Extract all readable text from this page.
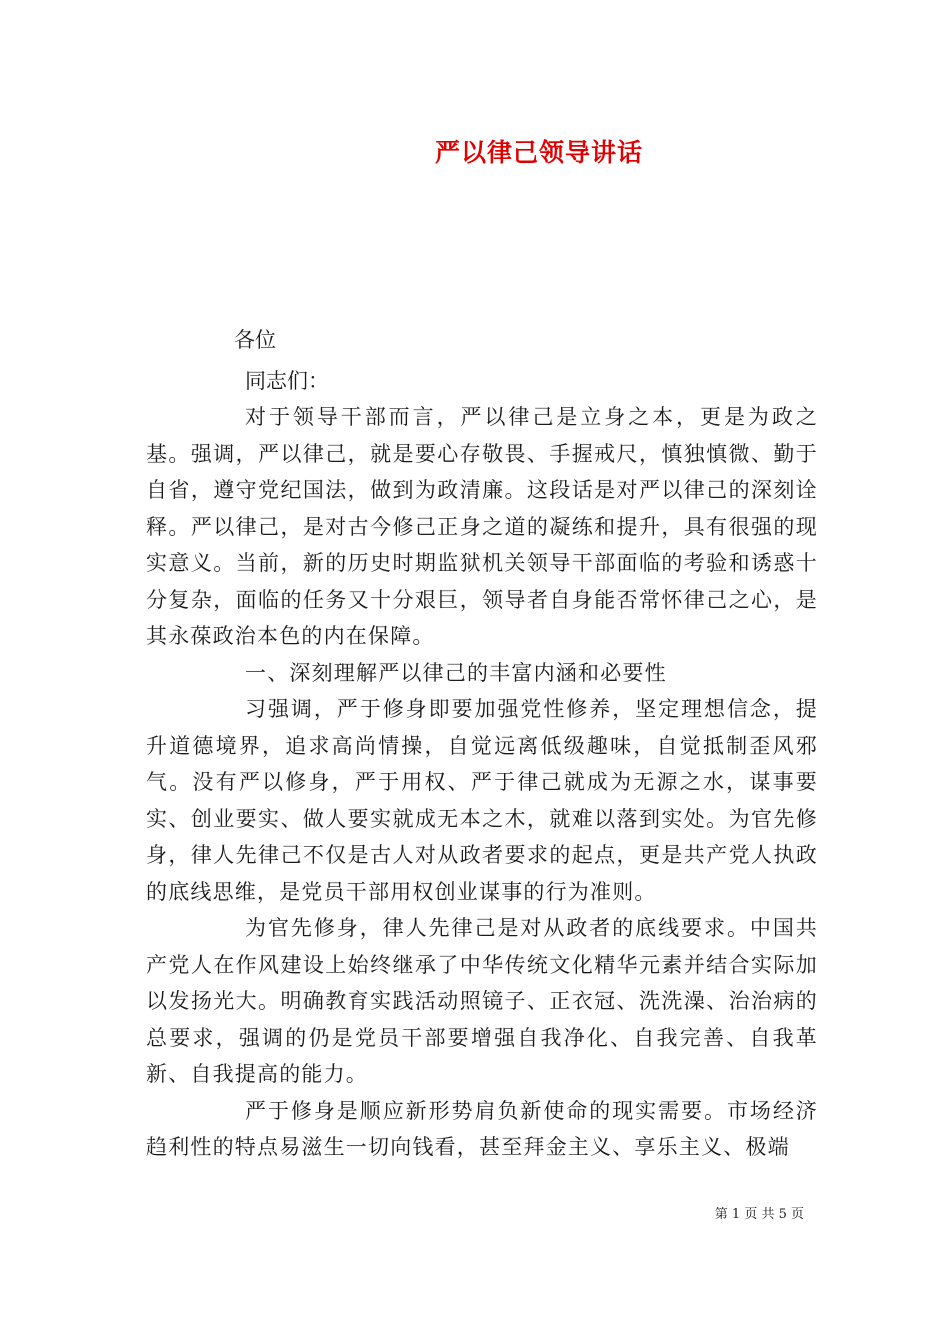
严以律己领导讲话

各位

同志们：

对于领导干部而言，严以律己是立身之本，更是为政之基。强调，严以律己，就是要心存敬畏、手握戒尺，慎独慎微、勤于自省，遵守党纪国法，做到为政清廉。这段话是对严以律己的深刻诠释。严以律己，是对古今修己正身之道的凝练和提升，具有很强的现实意义。当前，新的历史时期监狱机关领导干部面临的考验和诱惑十分复杂，面临的任务又十分艰巨，领导者自身能否常怀律己之心，是其永葆政治本色的内在保障。

一、深刻理解严以律己的丰富内涵和必要性

习强调，严于修身即要加强党性修养，坚定理想信念，提升道德境界，追求高尚情操，自觉远离低级趣味，自觉抵制歪风邪气。没有严以修身，严于用权、严于律己就成为无源之水，谋事要实、创业要实、做人要实就成无本之木，就难以落到实处。为官先修身，律人先律己不仅是古人对从政者要求的起点，更是共产党人执政的底线思维，是党员干部用权创业谋事的行为准则。

为官先修身，律人先律己是对从政者的底线要求。中国共产党人在作风建设上始终继承了中华传统文化精华元素并结合实际加以发扬光大。明确教育实践活动照镜子、正衣冠、洗洗澡、治治病的总要求，强调的仍是党员干部要增强自我净化、自我完善、自我革新、自我提高的能力。

严于修身是顺应新形势肩负新使命的现实需要。市场经济趋利性的特点易滋生一切向钱看，甚至拜金主义、享乐主义、极端

第 1 页 共 5 页
